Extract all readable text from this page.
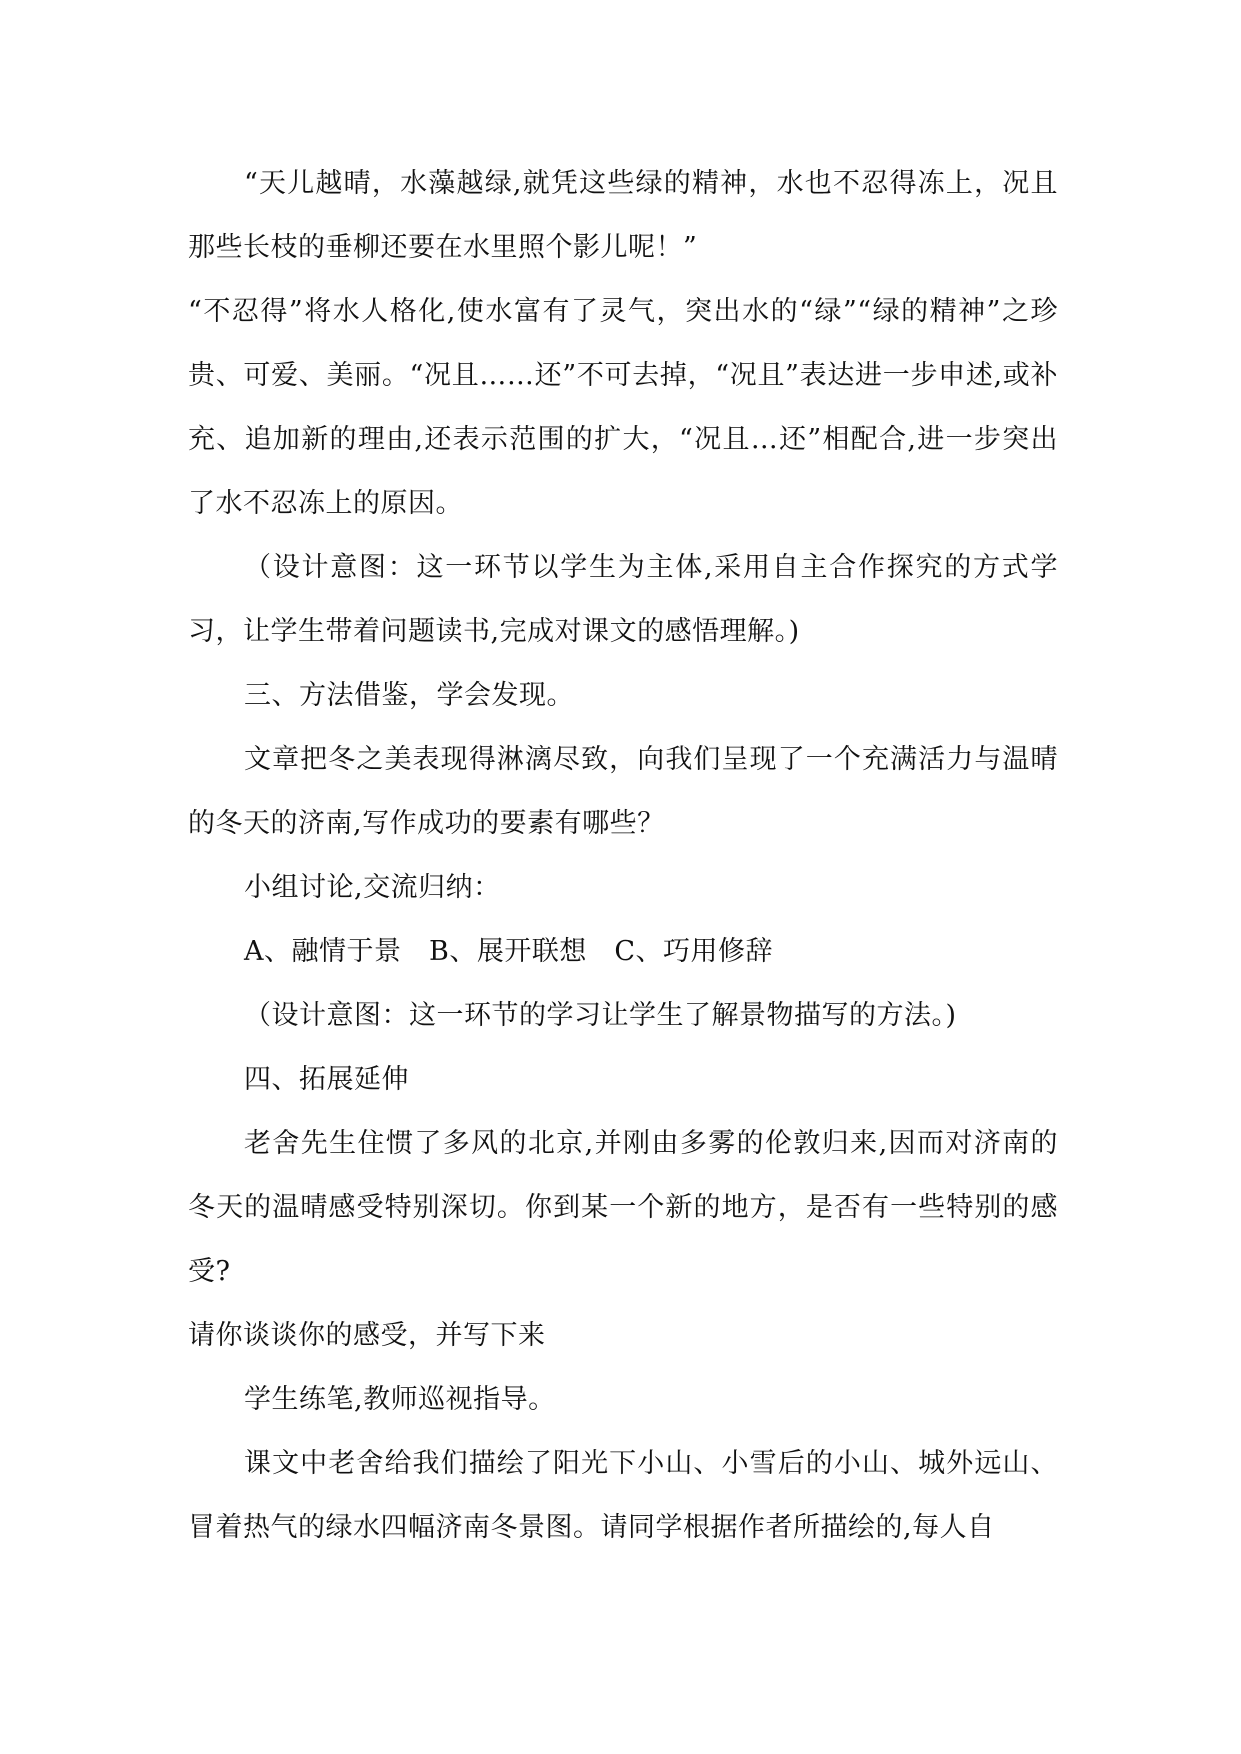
“天儿越晴，水藻越绿,就凭这些绿的精神，水也不忍得冻上，况且那些长枝的垂柳还要在水里照个影儿呢！”

“不忍得”将水人格化,使水富有了灵气，突出水的“绿”“绿的精神”之珍贵、可爱、美丽。“况且……还”不可去掉，“况且”表达进一步申述,或补充、追加新的理由,还表示范围的扩大，“况且…还”相配合,进一步突出了水不忍冻上的原因。

（设计意图：这一环节以学生为主体,采用自主合作探究的方式学习，让学生带着问题读书,完成对课文的感悟理解。)

三、方法借鉴，学会发现。

文章把冬之美表现得淋漓尽致，向我们呈现了一个充满活力与温晴的冬天的济南,写作成功的要素有哪些？

小组讨论,交流归纳：

A、融情于景　B、展开联想　C、巧用修辞

（设计意图：这一环节的学习让学生了解景物描写的方法。)

四、拓展延伸

老舍先生住惯了多风的北京,并刚由多雾的伦敦归来,因而对济南的冬天的温晴感受特别深切。你到某一个新的地方，是否有一些特别的感受?

请你谈谈你的感受，并写下来

学生练笔,教师巡视指导。

课文中老舍给我们描绘了阳光下小山、小雪后的小山、城外远山、冒着热气的绿水四幅济南冬景图。请同学根据作者所描绘的,每人自
